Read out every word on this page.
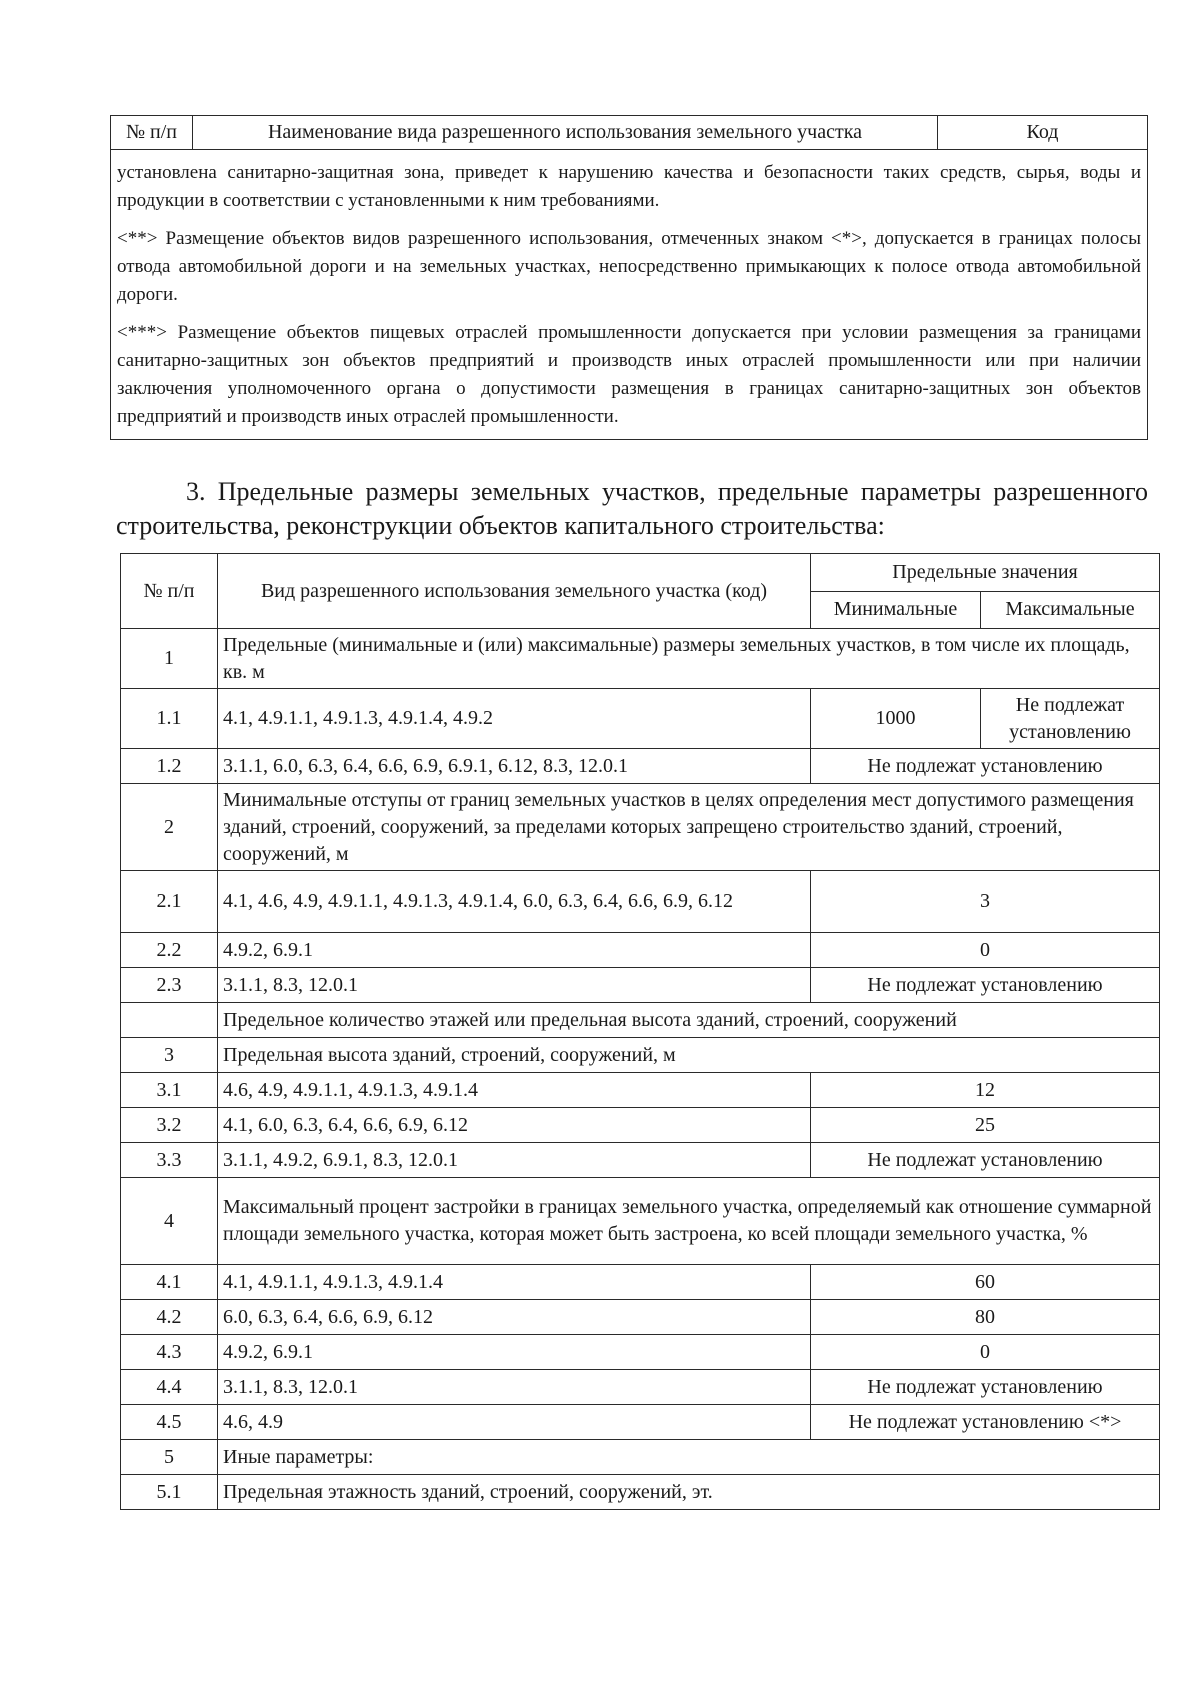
№ п/п	Наименование вида разрешенного использования земельного участка	Код

установлена санитарно-защитная зона, приведет к нарушению качества и безопасности таких средств, сырья, воды и продукции в соответствии с установленными к ним требованиями.

<**> Размещение объектов видов разрешенного использования, отмеченных знаком <*>, допускается в границах полосы отвода автомобильной дороги и на земельных участках, непосредственно примыкающих к полосе отвода автомобильной дороги.

<***> Размещение объектов пищевых отраслей промышленности допускается при условии размещения за границами санитарно-защитных зон объектов предприятий и производств иных отраслей промышленности или при наличии заключения уполномоченного органа о допустимости размещения в границах санитарно-защитных зон объектов предприятий и производств иных отраслей промышленности.

3. Предельные размеры земельных участков, предельные параметры разрешенного строительства, реконструкции объектов капитального строительства:

№ п/п	Вид разрешенного использования земельного участка (код)	Предельные значения	
		Минимальные	Максимальные
1	Предельные (минимальные и (или) максимальные) размеры земельных участков, в том числе их площадь, кв. м		
1.1	4.1, 4.9.1.1, 4.9.1.3, 4.9.1.4, 4.9.2	1000	Не подлежат установлению
1.2	3.1.1, 6.0, 6.3, 6.4, 6.6, 6.9, 6.9.1, 6.12, 8.3, 12.0.1	Не подлежат установлению	
2	Минимальные отступы от границ земельных участков в целях определения мест допустимого размещения зданий, строений, сооружений, за пределами которых запрещено строительство зданий, строений, сооружений, м		
2.1	4.1, 4.6, 4.9, 4.9.1.1, 4.9.1.3, 4.9.1.4, 6.0, 6.3, 6.4, 6.6, 6.9, 6.12	3	
2.2	4.9.2, 6.9.1	0	
2.3	3.1.1, 8.3, 12.0.1	Не подлежат установлению	
	Предельное количество этажей или предельная высота зданий, строений, сооружений		
3	Предельная высота зданий, строений, сооружений, м		
3.1	4.6, 4.9, 4.9.1.1, 4.9.1.3, 4.9.1.4	12	
3.2	4.1, 6.0, 6.3, 6.4, 6.6, 6.9, 6.12	25	
3.3	3.1.1, 4.9.2, 6.9.1, 8.3, 12.0.1	Не подлежат установлению	
4	Максимальный процент застройки в границах земельного участка, определяемый как отношение суммарной площади земельного участка, которая может быть застроена, ко всей площади земельного участка, %		
4.1	4.1, 4.9.1.1, 4.9.1.3, 4.9.1.4	60	
4.2	6.0, 6.3, 6.4, 6.6, 6.9, 6.12	80	
4.3	4.9.2, 6.9.1	0	
4.4	3.1.1, 8.3, 12.0.1	Не подлежат установлению	
4.5	4.6, 4.9	Не подлежат установлению <*>	
5	Иные параметры:		
5.1	Предельная этажность зданий, строений, сооружений, эт.		
